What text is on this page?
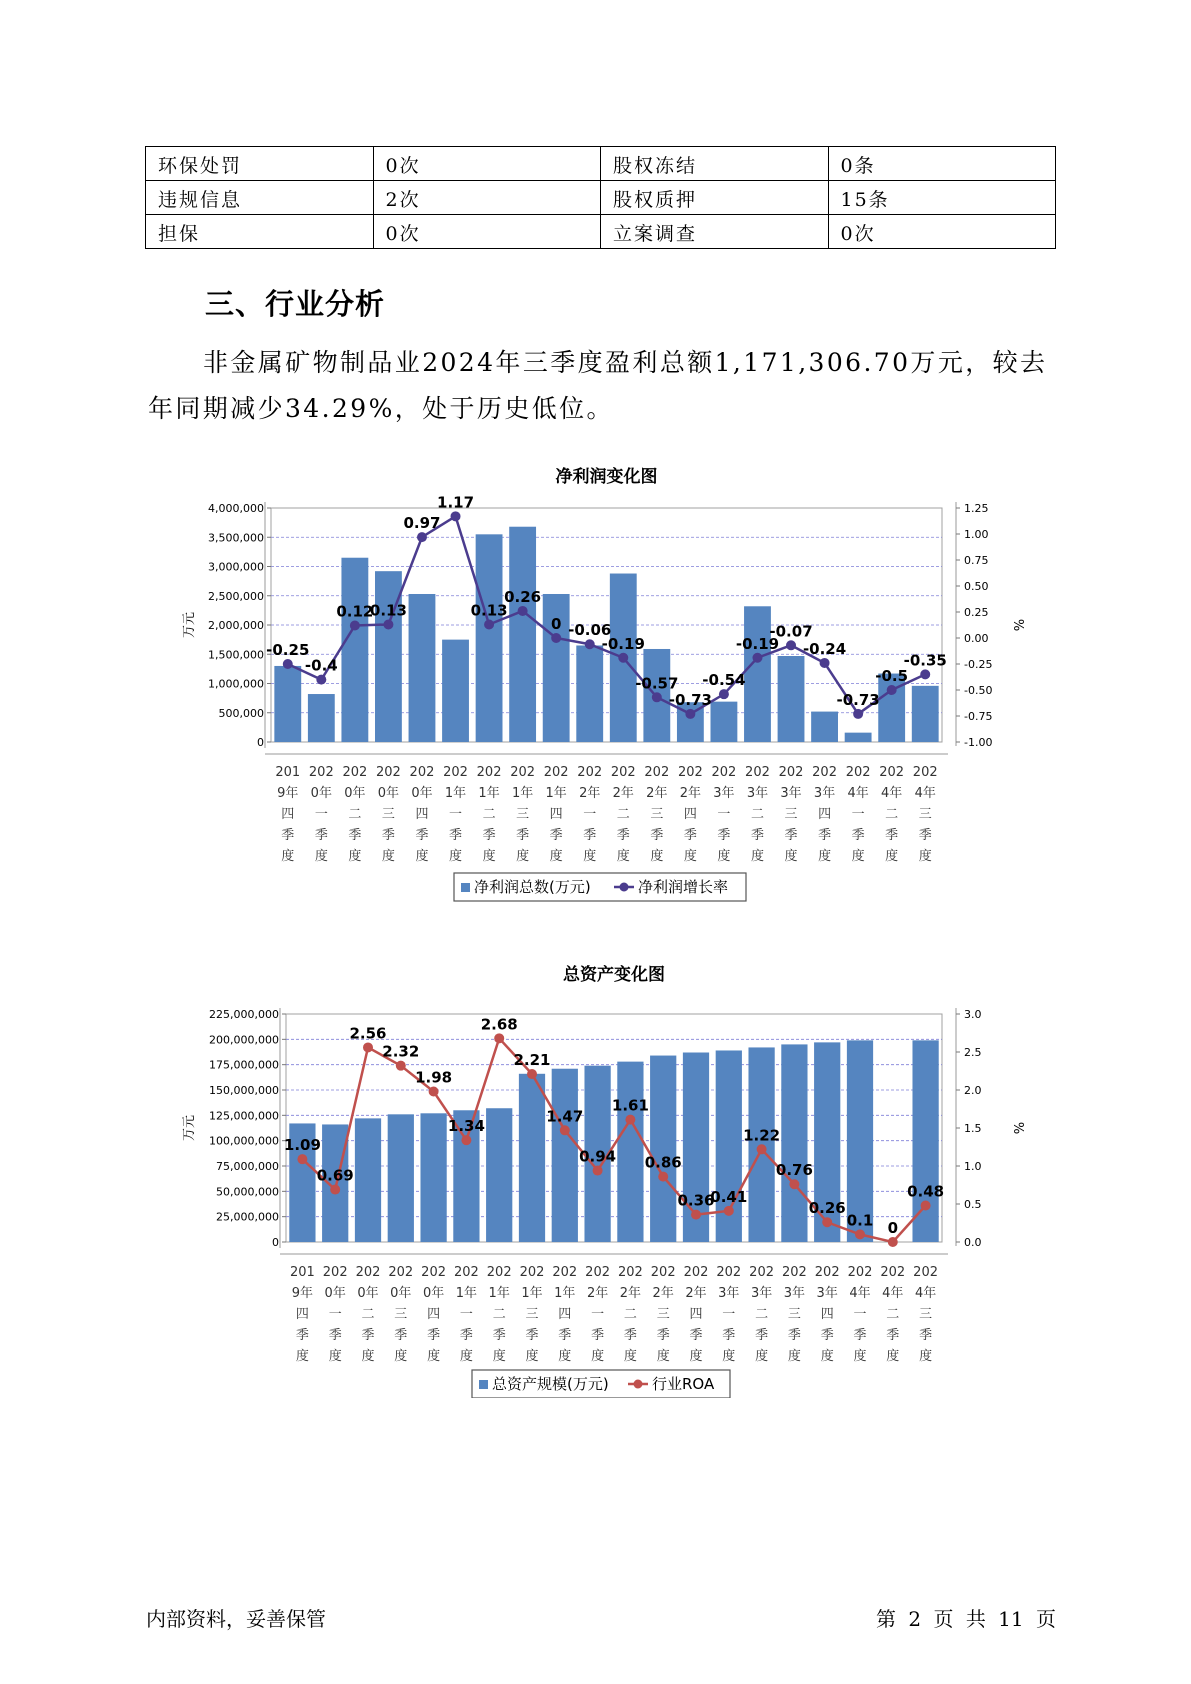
环保处罚	0次	股权冻结	0条
违规信息	2次	股权质押	15条
担保	0次	立案调查	0次
三、行业分析

非金属矿物制品业2024年三季度盈利总额1,171,306.70万元，较去年同期减少34.29%，处于历史低位。

净利润变化图
0
500,000
1,000,000
1,500,000
2,000,000
2,500,000
3,000,000
3,500,000
4,000,000
万元
-1.00
-0.75
-0.50
-0.25
0.00
0.25
0.50
0.75
1.00
1.25
%
-0.25
-0.4
0.12
0.13
0.97
1.17
0.13
0.26
0 -0.06
-0.19
-0.57
-0.73
-0.54
-0.19
-0.07
-0.24
-0.73
-0.5
-0.35
201
9年
四
季
度
202
0年
一
季
度
202
0年
二
季
度
202
0年
三
季
度
202
0年
四
季
度
202
1年
一
季
度
202
1年
二
季
度
202
1年
三
季
度
202
1年
四
季
度
202
2年
一
季
度
202
2年
二
季
度
202
2年
三
季
度
202
2年
四
季
度
202
3年
一
季
度
202
3年
二
季
度
202
3年
三
季
度
202
3年
四
季
度
202
4年
一
季
度
202
4年
二
季
度
202
4年
三
季
度
净利润总数(万元)	净利润增长率
总资产变化图
0
25,000,000
50,000,000
75,000,000
100,000,000
125,000,000
150,000,000
175,000,000
200,000,000
225,000,000
万元
0.0
0.5
1.0
1.5
2.0
2.5
3.0
%
1.09
0.69
2.56
2.32
1.98
1.34
2.68
2.21
1.47
0.94
1.61
0.86
0.36
0.41
1.22
0.76
0.26
0.1 0
0.48
201
9年
四
季
度
202
0年
一
季
度
202
0年
二
季
度
202
0年
三
季
度
202
0年
四
季
度
202
1年
一
季
度
202
1年
二
季
度
202
1年
三
季
度
202
1年
四
季
度
202
2年
一
季
度
202
2年
二
季
度
202
2年
三
季
度
202
2年
四
季
度
202
3年
一
季
度
202
3年
二
季
度
202
3年
三
季
度
202
3年
四
季
度
202
4年
一
季
度
202
4年
二
季
度
202
4年
三
季
度
总资产规模(万元)	行业ROA
内部资料，妥善保管	第 2 页 共 11 页
